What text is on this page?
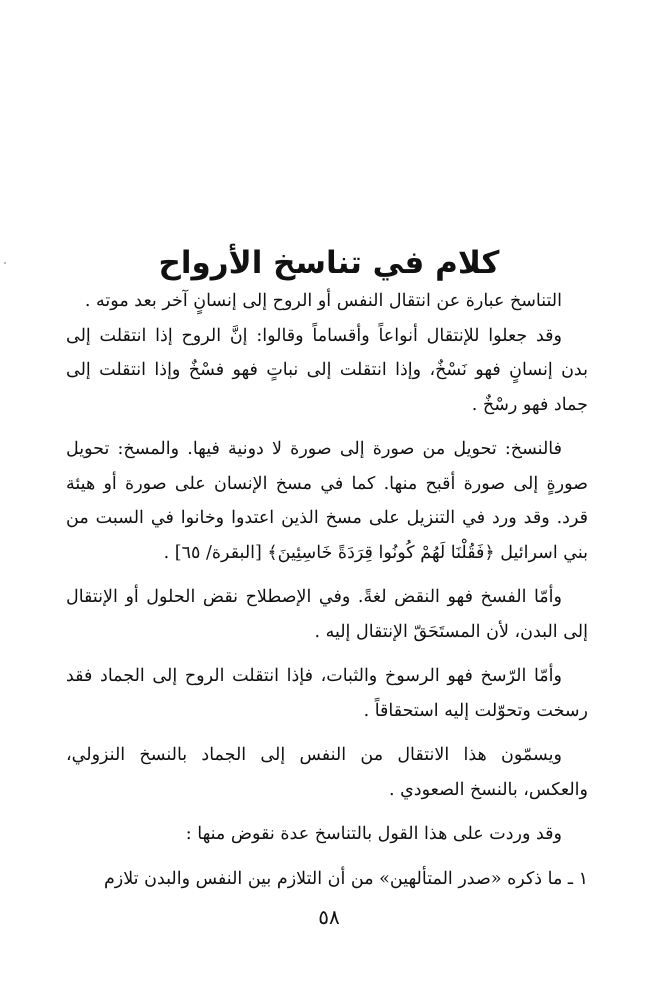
كلام في تناسخ الأرواح

التناسخ عبارة عن انتقال النفس أو الروح إلى إنسانٍ آخر بعد موته .

وقد جعلوا للإنتقال أنواعاً وأقساماً وقالوا: إنَّ الروح إذا انتقلت إلى بدن إنسانٍ فهو نَسْخٌ، وإذا انتقلت إلى نباتٍ فهو فسْخٌ وإذا انتقلت إلى جماد فهو رسْخٌ .

فالنسخ: تحويل من صورة إلى صورة لا دونية فيها. والمسخ: تحويل صورةٍ إلى صورة أقبح منها. كما في مسخ الإنسان على صورة أو هيئة قرد. وقد ورد في التنزيل على مسخ الذين اعتدوا وخانوا في السبت من بني اسرائيل ﴿فَقُلْنَا لَهُمْ كُونُوا قِرَدَةً خَاسِئِينَ﴾ [البقرة/ ٦٥] .

وأمّا الفسخ فهو النقض لغةً. وفي الإصطلاح نقض الحلول أو الإنتقال إلى البدن، لأن المستَحَقّ الإنتقال إليه .

وأمّا الرّسخ فهو الرسوخ والثبات، فإذا انتقلت الروح إلى الجماد فقد رسخت وتحوّلت إليه استحقاقاً .

ويسمّون هذا الانتقال من النفس إلى الجماد بالنسخ النزولي، والعكس، بالنسخ الصعودي .

وقد وردت على هذا القول بالتناسخ عدة نقوض منها :

١ ـ ما ذكره «صدر المتألهين» من أن التلازم بين النفس والبدن تلازم

٥٨
